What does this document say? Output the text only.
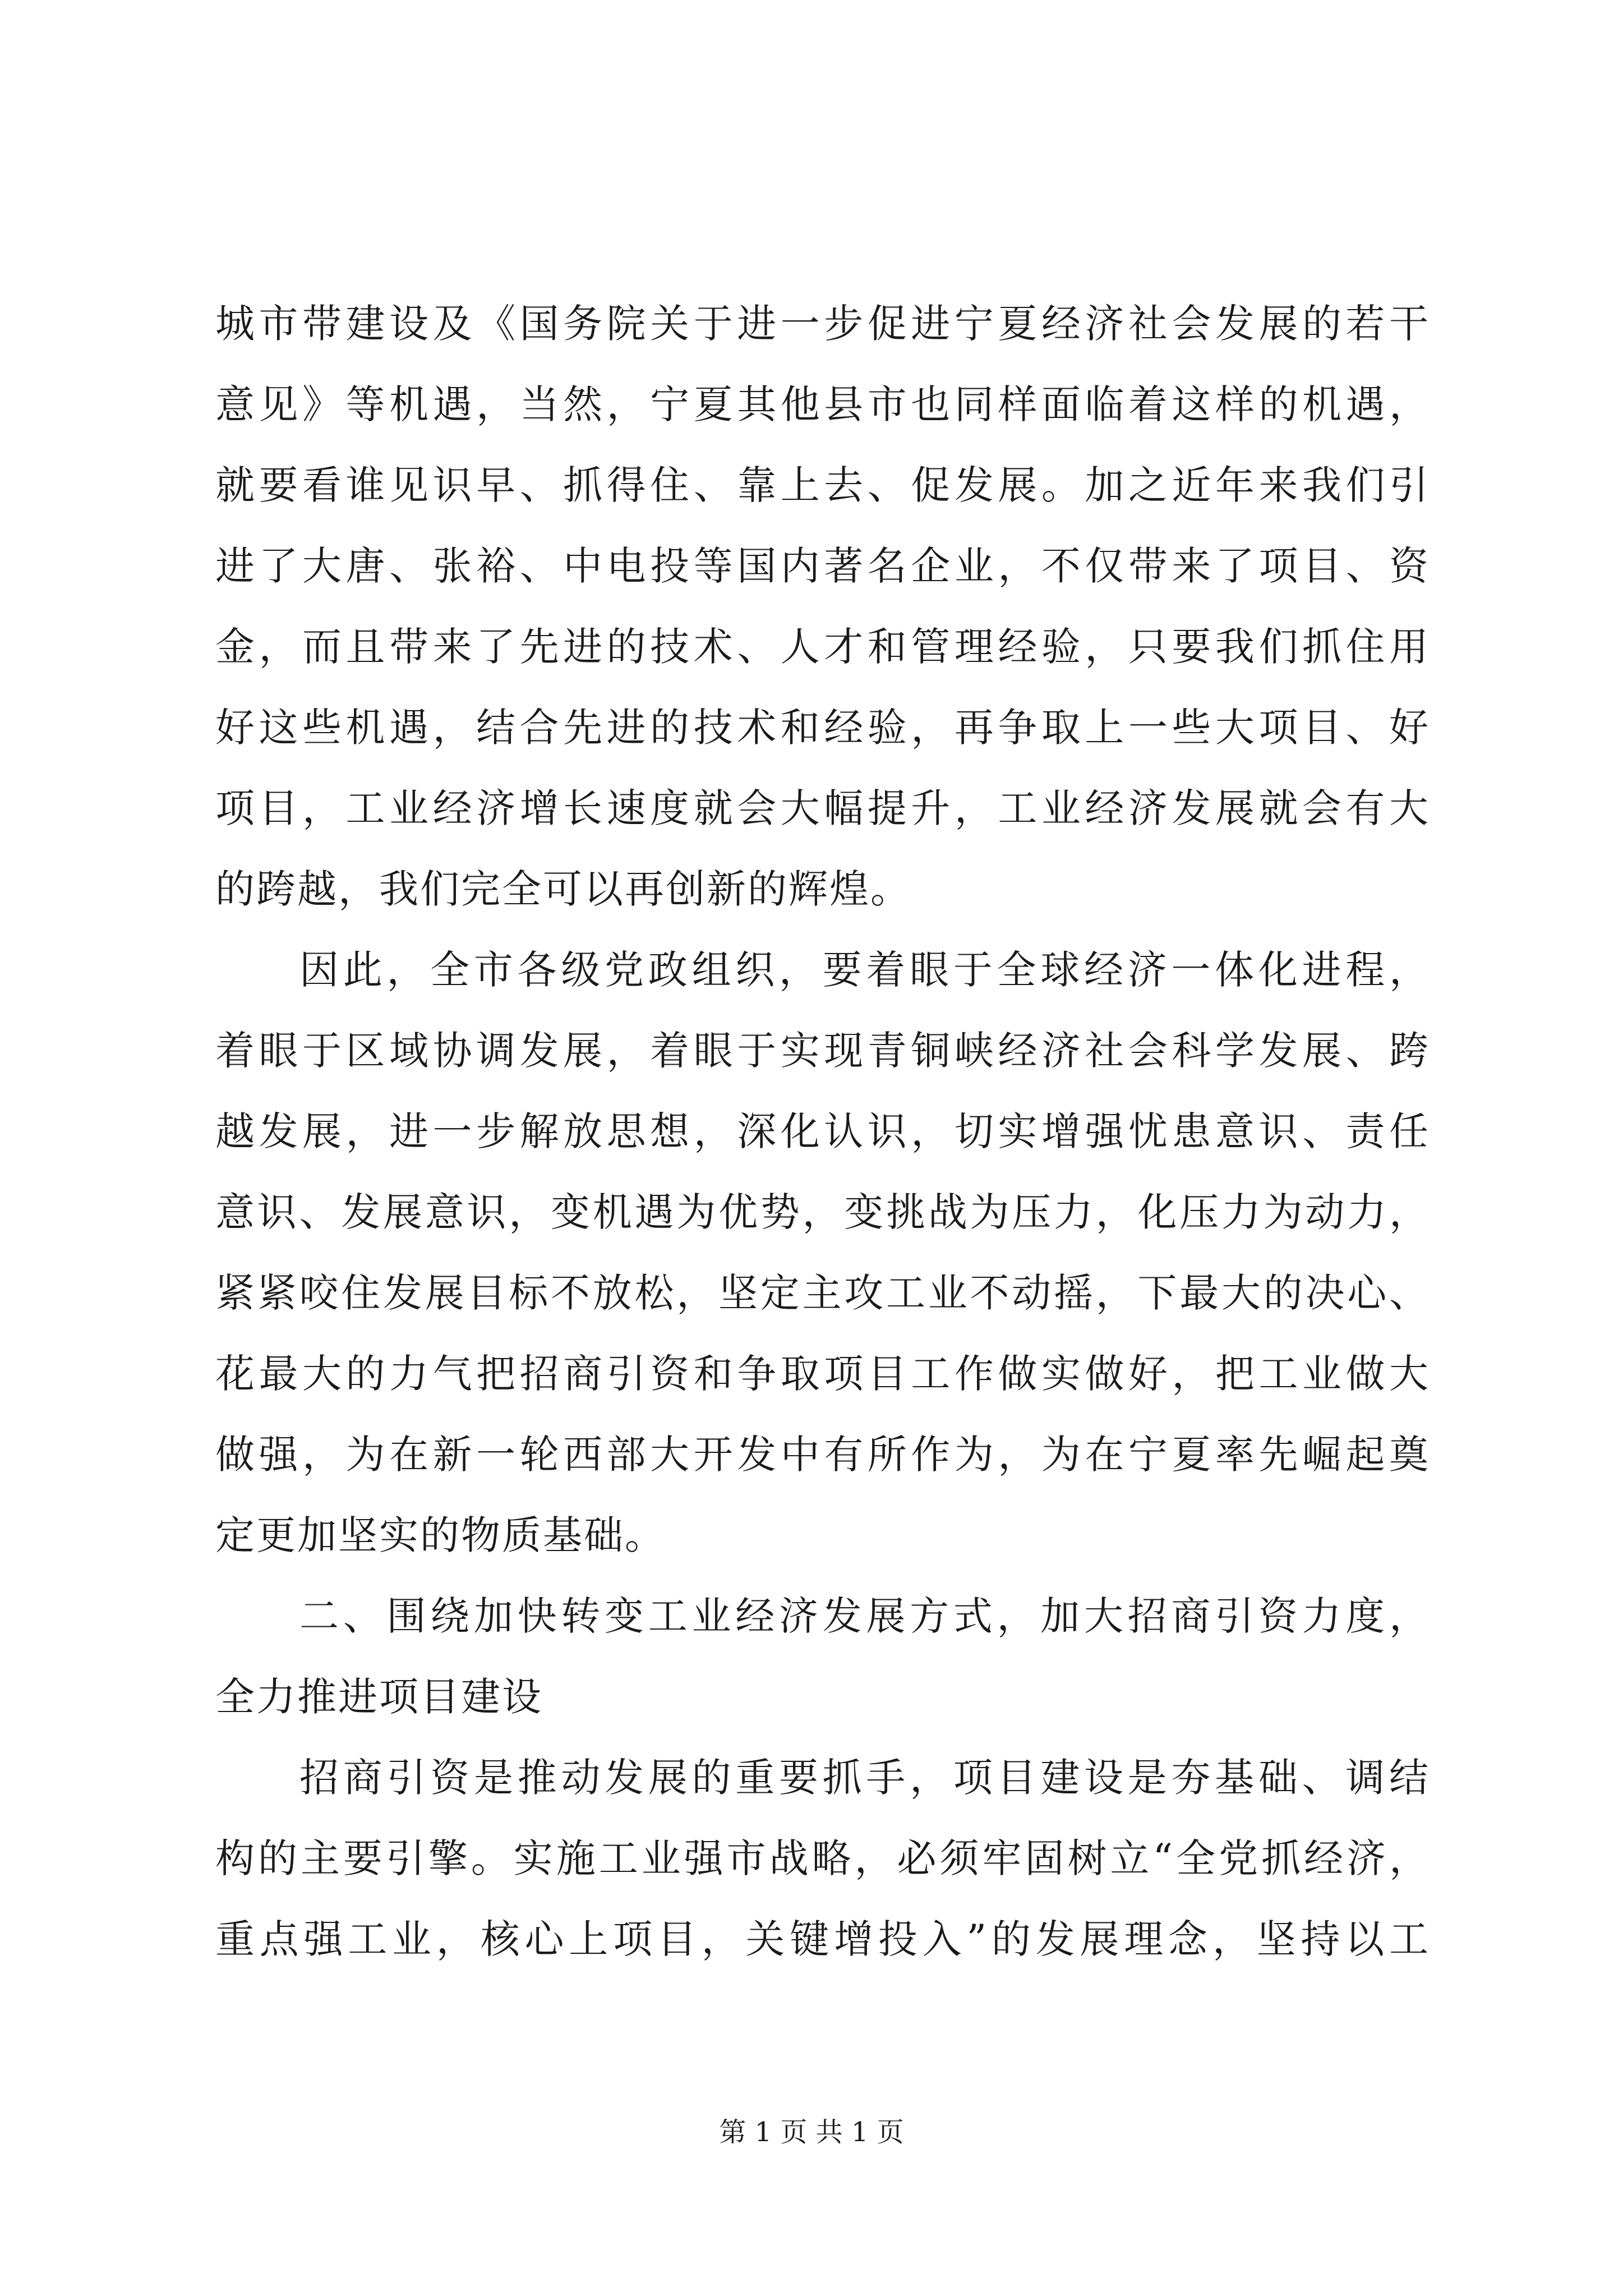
城市带建设及《国务院关于进一步促进宁夏经济社会发展的若干
意见》等机遇，当然，宁夏其他县市也同样面临着这样的机遇，
就要看谁见识早、抓得住、靠上去、促发展。加之近年来我们引
进了大唐、张裕、中电投等国内著名企业，不仅带来了项目、资
金，而且带来了先进的技术、人才和管理经验，只要我们抓住用
好这些机遇，结合先进的技术和经验，再争取上一些大项目、好
项目，工业经济增长速度就会大幅提升，工业经济发展就会有大
的跨越，我们完全可以再创新的辉煌。
因此，全市各级党政组织，要着眼于全球经济一体化进程，
着眼于区域协调发展，着眼于实现青铜峡经济社会科学发展、跨
越发展，进一步解放思想，深化认识，切实增强忧患意识、责任
意识、发展意识，变机遇为优势，变挑战为压力，化压力为动力，
紧紧咬住发展目标不放松，坚定主攻工业不动摇，下最大的决心、
花最大的力气把招商引资和争取项目工作做实做好，把工业做大
做强，为在新一轮西部大开发中有所作为，为在宁夏率先崛起奠
定更加坚实的物质基础。
二、围绕加快转变工业经济发展方式，加大招商引资力度，
全力推进项目建设
招商引资是推动发展的重要抓手，项目建设是夯基础、调结
构的主要引擎。实施工业强市战略，必须牢固树立“全党抓经济，
重点强工业，核心上项目，关键增投入”的发展理念，坚持以工
第 1 页 共 1 页
